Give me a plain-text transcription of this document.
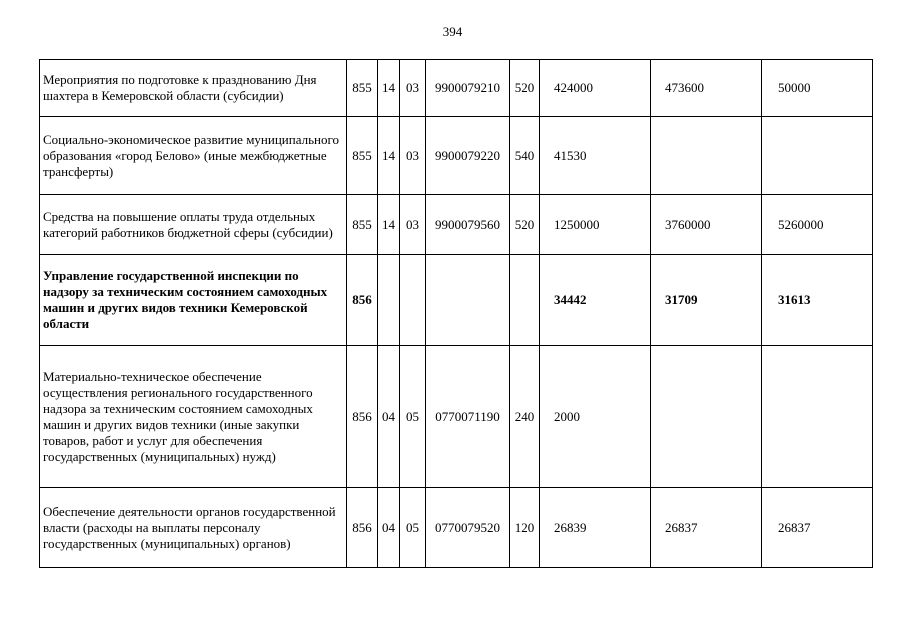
394
Мероприятия по подготовке к празднованию Дня шахтера в Кемеровской области (субсидии)	855	14	03	9900079210	520	424000	473600	50000
Социально-экономическое развитие муниципального образования «город Белово» (иные межбюджетные трансферты)	855	14	03	9900079220	540	41530		
Средства на повышение оплаты труда отдельных категорий работников бюджетной сферы (субсидии)	855	14	03	9900079560	520	1250000	3760000	5260000
Управление государственной инспекции по надзору за техническим состоянием самоходных машин и других видов техники Кемеровской области	856					34442	31709	31613
Материально-техническое обеспечение осуществления регионального государственного надзора за техническим состоянием самоходных машин и других видов техники (иные закупки товаров, работ и услуг для обеспечения государственных (муниципальных) нужд)	856	04	05	0770071190	240	2000		
Обеспечение деятельности органов государственной власти (расходы на выплаты персоналу государственных (муниципальных) органов)	856	04	05	0770079520	120	26839	26837	26837
